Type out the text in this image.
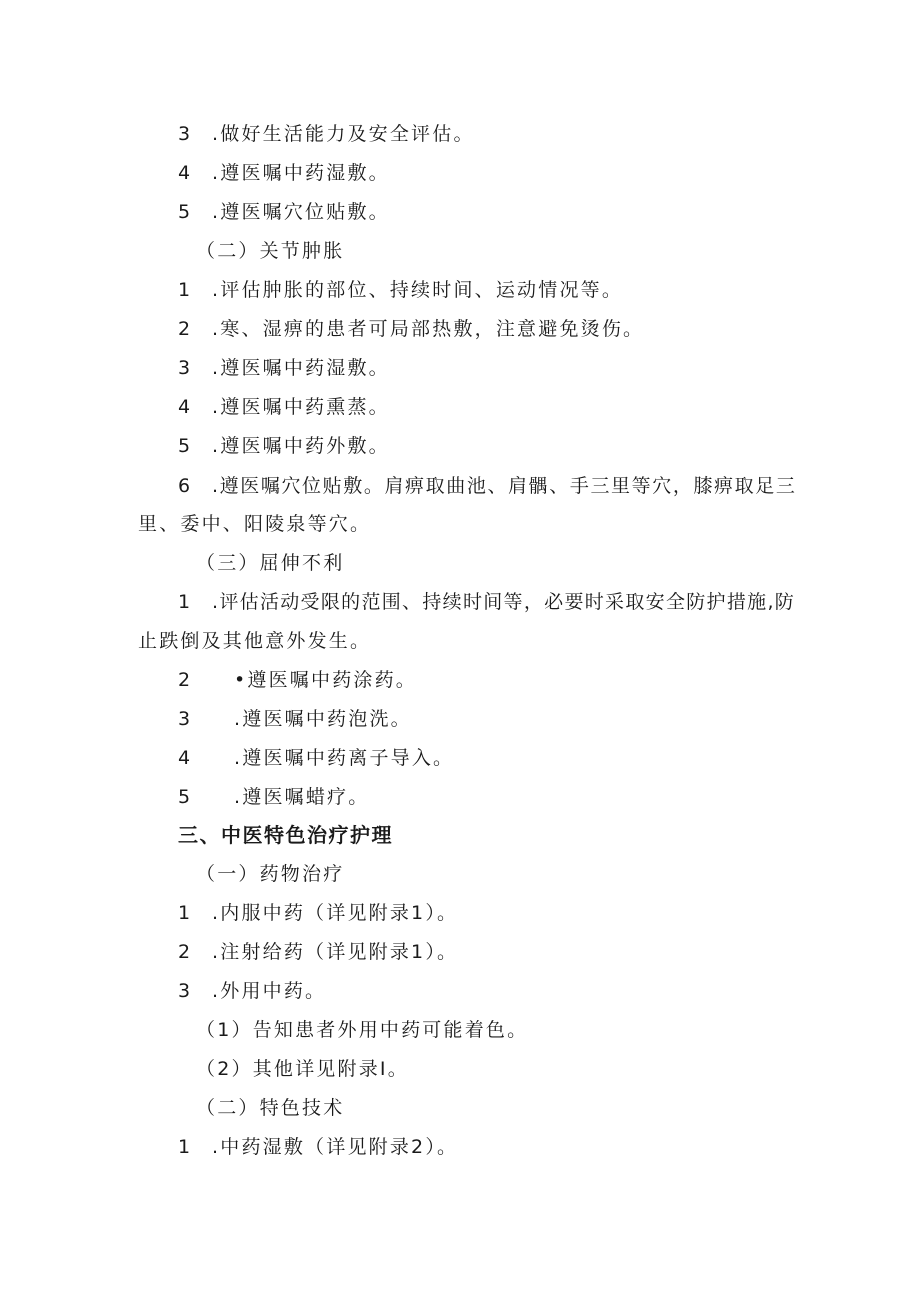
3 .做好生活能力及安全评估。
4 .遵医嘱中药湿敷。
5 .遵医嘱穴位贴敷。
（二）关节肿胀
1 .评估肿胀的部位、持续时间、运动情况等。
2 .寒、湿痹的患者可局部热敷，注意避免烫伤。
3 .遵医嘱中药湿敷。
4 .遵医嘱中药熏蒸。
5 .遵医嘱中药外敷。
6 .遵医嘱穴位贴敷。肩痹取曲池、肩髃、手三里等穴，膝痹取足三
里、委中、阳陵泉等穴。
（三）屈伸不利
1 .评估活动受限的范围、持续时间等，必要时采取安全防护措施,防
止跌倒及其他意外发生。
2 •遵医嘱中药涂药。
3 .遵医嘱中药泡洗。
4 .遵医嘱中药离子导入。
5 .遵医嘱蜡疗。
三、中医特色治疗护理
（一）药物治疗
1 .内服中药（详见附录1）。
2 .注射给药（详见附录1）。
3 .外用中药。
（1）告知患者外用中药可能着色。
（2）其他详见附录I。
（二）特色技术
1 .中药湿敷（详见附录2）。
